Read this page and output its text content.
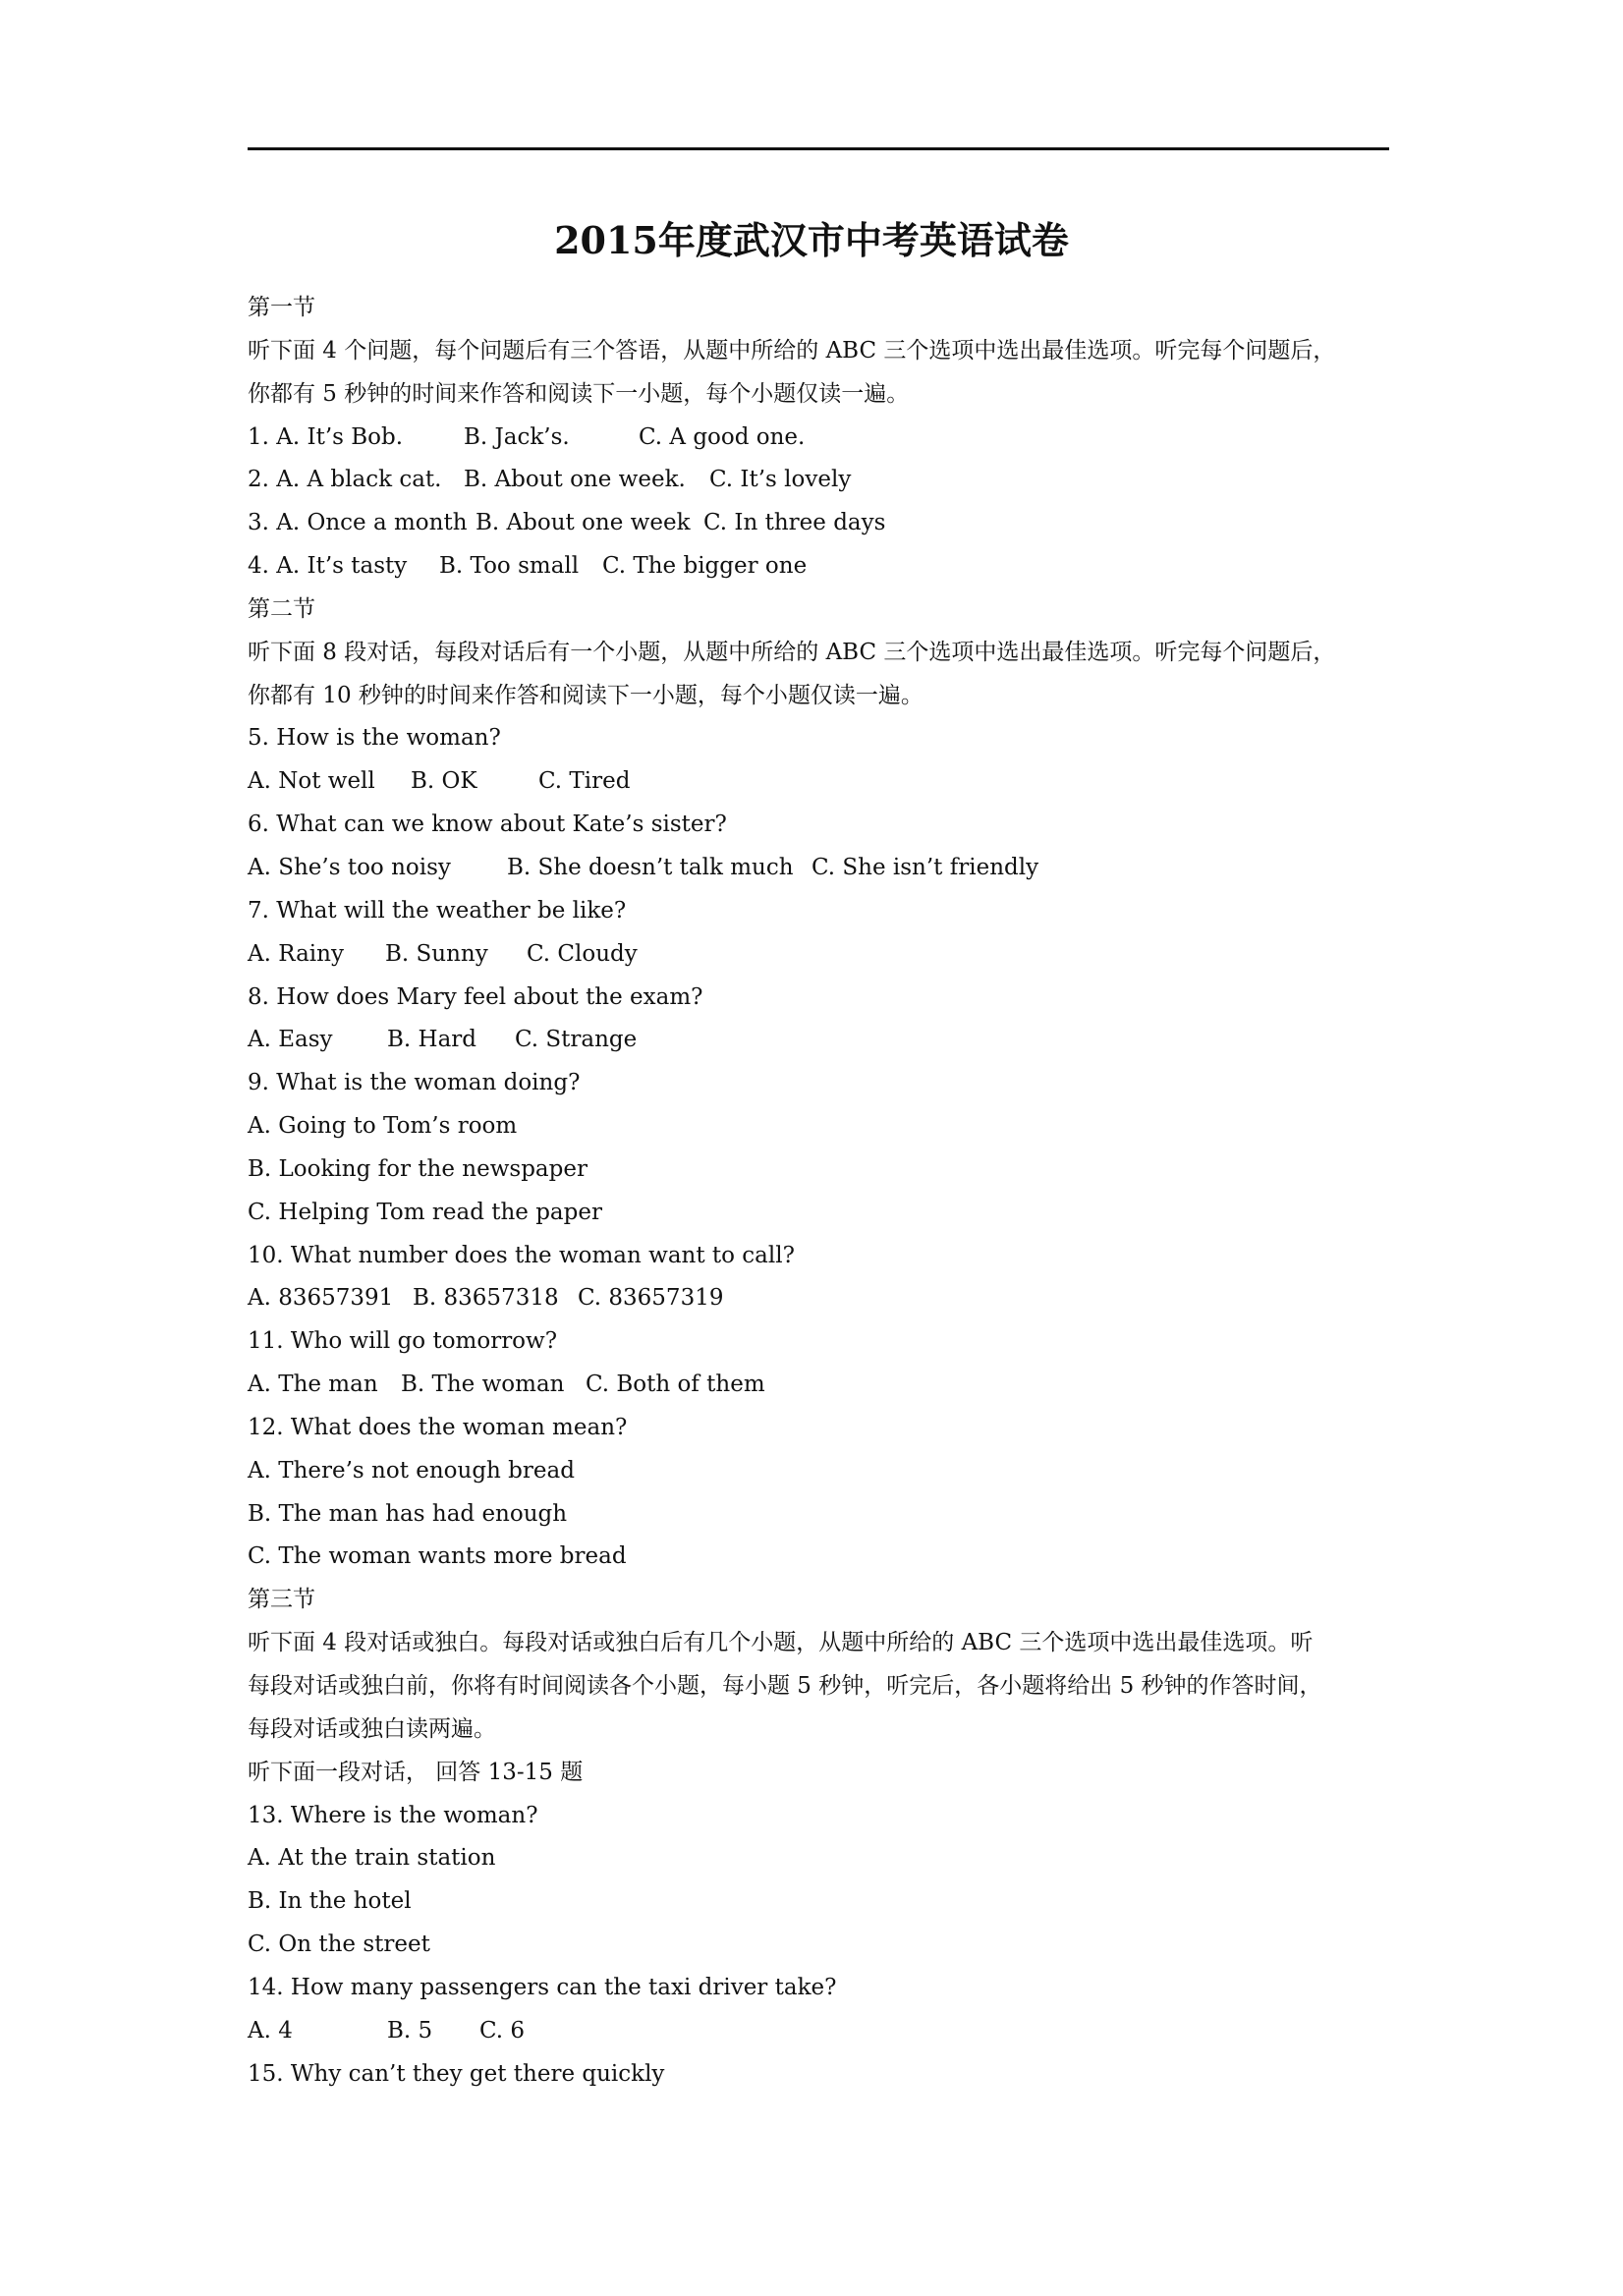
2015年度武汉市中考英语试卷
第一节
听下面 4 个问题，每个问题后有三个答语，从题中所给的 ABC 三个选项中选出最佳选项。听完每个问题后，
你都有 5 秒钟的时间来作答和阅读下一小题，每个小题仅读一遍。
1. A. It’s Bob.	B. Jack’s.	C. A good one.
2. A. A black cat. B. About one week. C. It’s lovely
3. A. Once a month B. About one week C. In three days
4. A. It’s tasty B. Too small C. The bigger one
第二节
听下面 8 段对话，每段对话后有一个小题，从题中所给的 ABC 三个选项中选出最佳选项。听完每个问题后，
你都有 10 秒钟的时间来作答和阅读下一小题，每个小题仅读一遍。
5. How is the woman?
A. Not well B. OK	C. Tired
6. What can we know about Kate’s sister?
A. She’s too noisy B. She doesn’t talk much C. She isn’t friendly
7. What will the weather be like?
A. Rainy B. Sunny C. Cloudy
8. How does Mary feel about the exam?
A. Easy B. Hard C. Strange
9. What is the woman doing?
A. Going to Tom’s room
B. Looking for the newspaper
C. Helping Tom read the paper
10. What number does the woman want to call?
A. 83657391 B. 83657318 C. 83657319
11. Who will go tomorrow?
A. The man B. The woman C. Both of them
12. What does the woman mean?
A. There’s not enough bread
B. The man has had enough
C. The woman wants more bread
第三节
听下面 4 段对话或独白。每段对话或独白后有几个小题，从题中所给的 ABC 三个选项中选出最佳选项。听
每段对话或独白前，你将有时间阅读各个小题，每小题 5 秒钟，听完后，各小题将给出 5 秒钟的作答时间，
每段对话或独白读两遍。
听下面一段对话， 回答 13-15 题
13. Where is the woman?
A. At the train station
B. In the hotel
C. On the street
14. How many passengers can the taxi driver take?
A. 4	B. 5 C. 6
15. Why can’t they get there quickly
